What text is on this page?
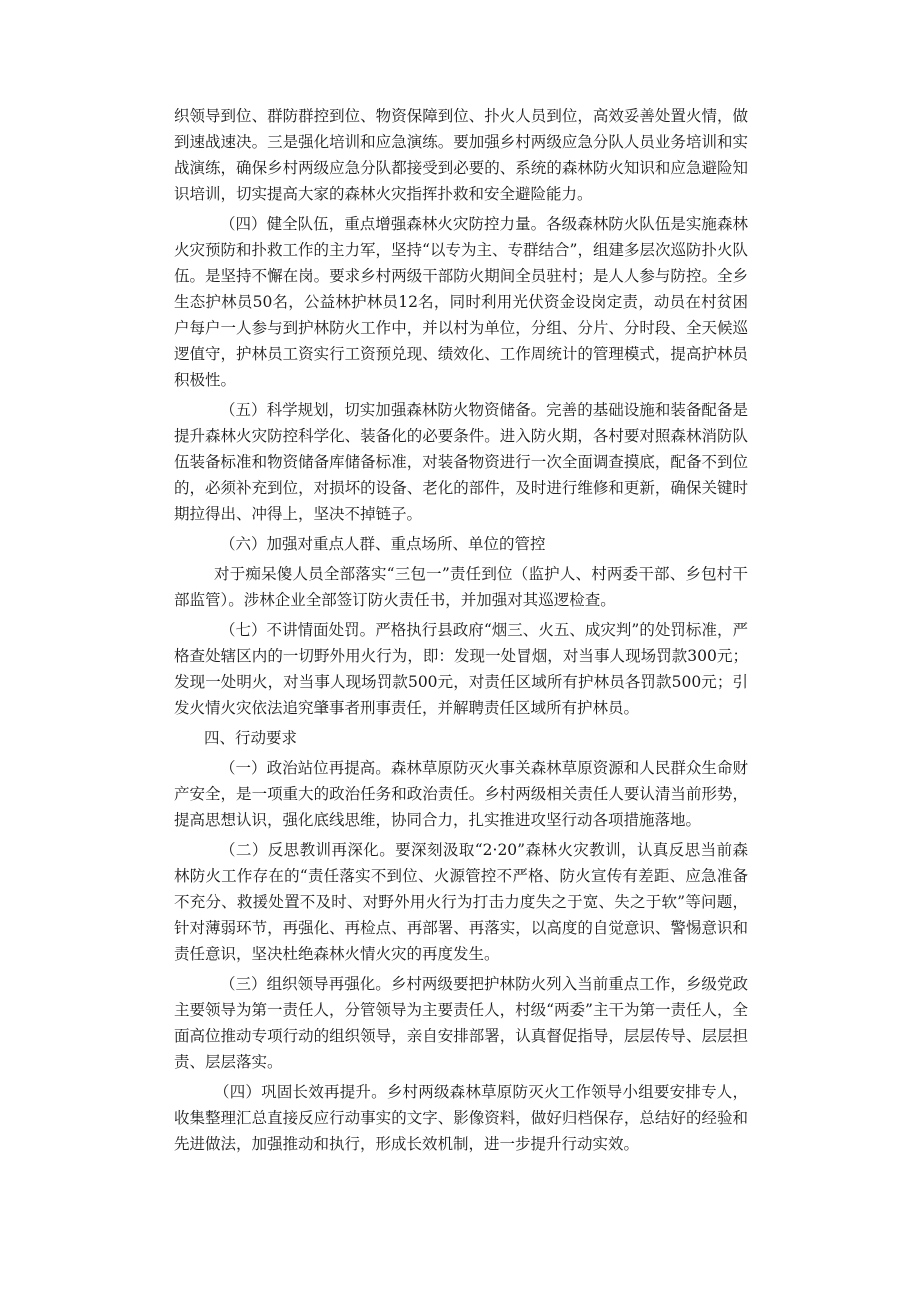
织领导到位、群防群控到位、物资保障到位、扑火人员到位，高效妥善处置火情，做到速战速决。三是强化培训和应急演练。要加强乡村两级应急分队人员业务培训和实战演练，确保乡村两级应急分队都接受到必要的、系统的森林防火知识和应急避险知识培训，切实提高大家的森林火灾指挥扑救和安全避险能力。

（四）健全队伍，重点增强森林火灾防控力量。各级森林防火队伍是实施森林火灾预防和扑救工作的主力军，坚持“以专为主、专群结合”，组建多层次巡防扑火队伍。是坚持不懈在岗。要求乡村两级干部防火期间全员驻村；是人人参与防控。全乡生态护林员50名，公益林护林员12名，同时利用光伏资金设岗定责，动员在村贫困户每户一人参与到护林防火工作中，并以村为单位，分组、分片、分时段、全天候巡逻值守，护林员工资实行工资预兑现、绩效化、工作周统计的管理模式，提高护林员积极性。

（五）科学规划，切实加强森林防火物资储备。完善的基础设施和装备配备是提升森林火灾防控科学化、装备化的必要条件。进入防火期，各村要对照森林消防队伍装备标准和物资储备库储备标准，对装备物资进行一次全面调查摸底，配备不到位的，必须补充到位，对损坏的设备、老化的部件，及时进行维修和更新，确保关键时期拉得出、冲得上，坚决不掉链子。

（六）加强对重点人群、重点场所、单位的管控

对于痴呆傻人员全部落实“三包一”责任到位（监护人、村两委干部、乡包村干部监管）。涉林企业全部签订防火责任书，并加强对其巡逻检查。

（七）不讲情面处罚。严格执行县政府“烟三、火五、成灾判”的处罚标准，严格查处辖区内的一切野外用火行为，即：发现一处冒烟，对当事人现场罚款300元；发现一处明火，对当事人现场罚款500元，对责任区域所有护林员各罚款500元；引发火情火灾依法追究肇事者刑事责任，并解聘责任区域所有护林员。

四、行动要求

（一）政治站位再提高。森林草原防灭火事关森林草原资源和人民群众生命财产安全，是一项重大的政治任务和政治责任。乡村两级相关责任人要认清当前形势，提高思想认识，强化底线思维，协同合力，扎实推进攻坚行动各项措施落地。

（二）反思教训再深化。要深刻汲取“2·20”森林火灾教训，认真反思当前森林防火工作存在的“责任落实不到位、火源管控不严格、防火宣传有差距、应急准备不充分、救援处置不及时、对野外用火行为打击力度失之于宽、失之于软”等问题，针对薄弱环节，再强化、再检点、再部署、再落实，以高度的自觉意识、警惕意识和责任意识，坚决杜绝森林火情火灾的再度发生。

（三）组织领导再强化。乡村两级要把护林防火列入当前重点工作，乡级党政主要领导为第一责任人，分管领导为主要责任人，村级“两委”主干为第一责任人，全面高位推动专项行动的组织领导，亲自安排部署，认真督促指导，层层传导、层层担责、层层落实。

（四）巩固长效再提升。乡村两级森林草原防灭火工作领导小组要安排专人，收集整理汇总直接反应行动事实的文字、影像资料，做好归档保存，总结好的经验和先进做法，加强推动和执行，形成长效机制，进一步提升行动实效。
